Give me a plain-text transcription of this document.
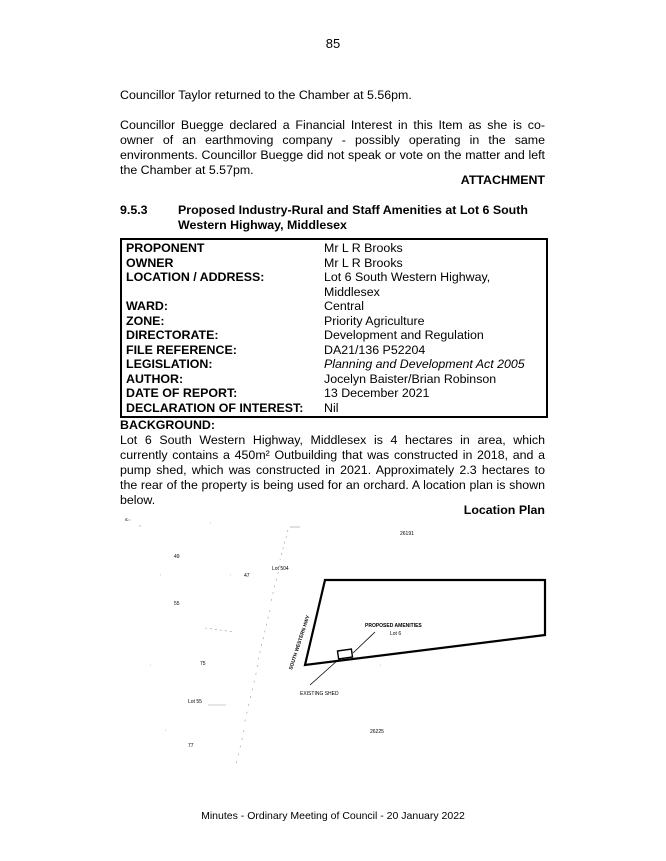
85
Councillor Taylor returned to the Chamber at 5.56pm.
Councillor Buegge declared a Financial Interest in this Item as she is co-owner of an earthmoving company - possibly operating in the same environments. Councillor Buegge did not speak or vote on the matter and left the Chamber at 5.57pm.
ATTACHMENT
9.5.3 Proposed Industry-Rural and Staff Amenities at Lot 6 South Western Highway, Middlesex
PROPONENT	Mr L R Brooks
OWNER	Mr L R Brooks
LOCATION / ADDRESS:	Lot 6 South Western Highway, Middlesex
WARD:	Central
ZONE:	Priority Agriculture
DIRECTORATE:	Development and Regulation
FILE REFERENCE:	DA21/136 P52204
LEGISLATION:	Planning and Development Act 2005
AUTHOR:	Jocelyn Baister/Brian Robinson
DATE OF REPORT:	13 December 2021
DECLARATION OF INTEREST:	Nil
BACKGROUND:
Lot 6 South Western Highway, Middlesex is 4 hectares in area, which currently contains a 450m² Outbuilding that was constructed in 2018, and a pump shed, which was constructed in 2021. Approximately 2.3 hectares to the rear of the property is being used for an orchard. A location plan is shown below.
Location Plan
≤
26191
49
Lot 504
47
55
75
Lot 55
77
26225
SOUTH WESTERN HWY	PROPOSED AMENITIES
Lot 6
EXISTING SHED
Minutes - Ordinary Meeting of Council - 20 January 2022
